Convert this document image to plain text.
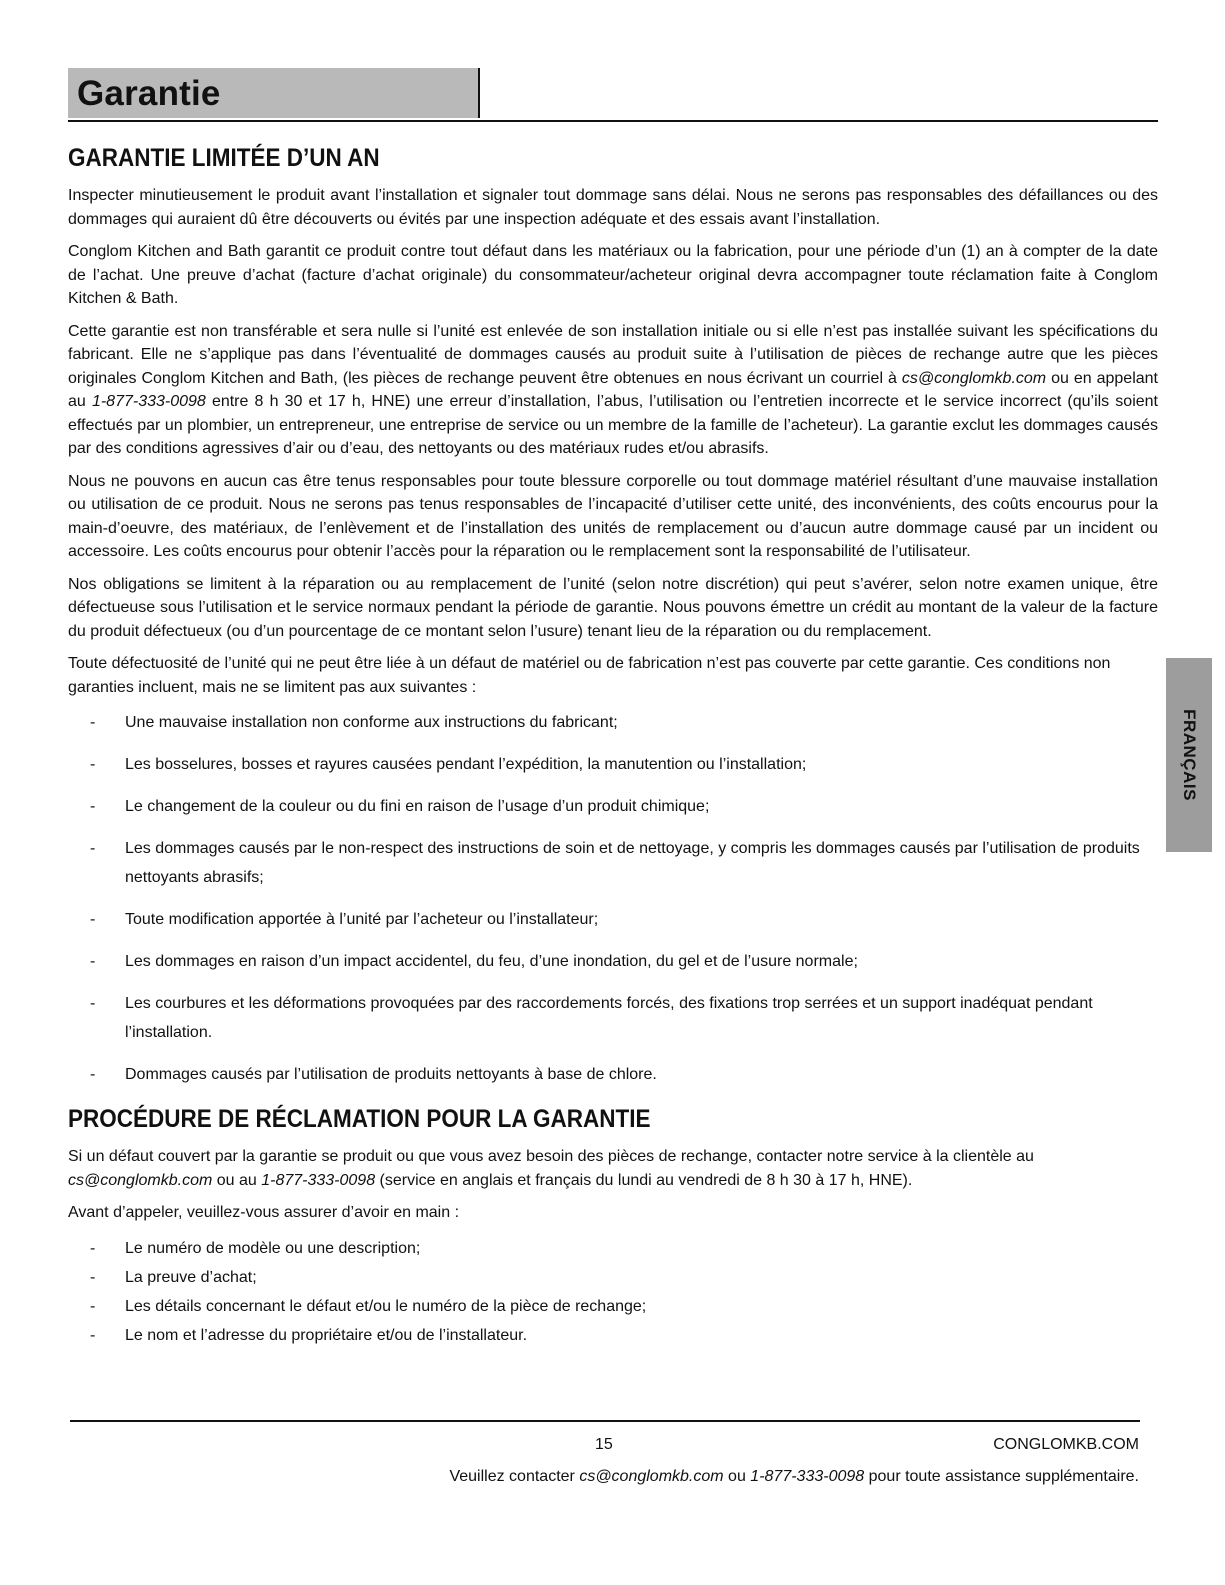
Garantie
GARANTIE LIMITÉE D’UN AN

Inspecter minutieusement le produit avant l’installation et signaler tout dommage sans délai. Nous ne serons pas responsables des défaillances ou des dommages qui auraient dû être découverts ou évités par une inspection adéquate et des essais avant l’installation.

Conglom Kitchen and Bath garantit ce produit contre tout défaut dans les matériaux ou la fabrication, pour une période d’un (1) an à compter de la date de l’achat. Une preuve d’achat (facture d’achat originale) du consommateur/acheteur original devra accompagner toute réclamation faite à Conglom Kitchen & Bath.

Cette garantie est non transférable et sera nulle si l’unité est enlevée de son installation initiale ou si elle n’est pas installée suivant les spécifications du fabricant. Elle ne s’applique pas dans l’éventualité de dommages causés au produit suite à l’utilisation de pièces de rechange autre que les pièces originales Conglom Kitchen and Bath, (les pièces de rechange peuvent être obtenues en nous écrivant un courriel à cs@conglomkb.com ou en appelant au 1-877-333-0098 entre 8 h 30 et 17 h, HNE) une erreur d’installation, l’abus, l’utilisation ou l’entretien incorrecte et le service incorrect (qu’ils soient effectués par un plombier, un entrepreneur, une entreprise de service ou un membre de la famille de l’acheteur). La garantie exclut les dommages causés par des conditions agressives d’air ou d’eau, des nettoyants ou des matériaux rudes et/ou abrasifs.

Nous ne pouvons en aucun cas être tenus responsables pour toute blessure corporelle ou tout dommage matériel résultant d’une mauvaise installation ou utilisation de ce produit. Nous ne serons pas tenus responsables de l’incapacité d’utiliser cette unité, des inconvénients, des coûts encourus pour la main-d’oeuvre, des matériaux, de l’enlèvement et de l’installation des unités de remplacement ou d’aucun autre dommage causé par un incident ou accessoire. Les coûts encourus pour obtenir l’accès pour la réparation ou le remplacement sont la responsabilité de l’utilisateur.

Nos obligations se limitent à la réparation ou au remplacement de l’unité (selon notre discrétion) qui peut s’avérer, selon notre examen unique, être défectueuse sous l’utilisation et le service normaux pendant la période de garantie. Nous pouvons émettre un crédit au montant de la valeur de la facture du produit défectueux (ou d’un pourcentage de ce montant selon l’usure) tenant lieu de la réparation ou du remplacement.

Toute défectuosité de l’unité qui ne peut être liée à un défaut de matériel ou de fabrication n’est pas couverte par cette garantie. Ces conditions non garanties incluent, mais ne se limitent pas aux suivantes :

- Une mauvaise installation non conforme aux instructions du fabricant;
- Les bosselures, bosses et rayures causées pendant l’expédition, la manutention ou l’installation;
- Le changement de la couleur ou du fini en raison de l’usage d’un produit chimique;
- Les dommages causés par le non-respect des instructions de soin et de nettoyage, y compris les dommages causés par l’utilisation de produits nettoyants abrasifs;
- Toute modification apportée à l’unité par l’acheteur ou l’installateur;
- Les dommages en raison d’un impact accidentel, du feu, d’une inondation, du gel et de l’usure normale;
- Les courbures et les déformations provoquées par des raccordements forcés, des fixations trop serrées et un support inadéquat pendant l’installation.
- Dommages causés par l’utilisation de produits nettoyants à base de chlore.
PROCÉDURE DE RÉCLAMATION POUR LA GARANTIE

Si un défaut couvert par la garantie se produit ou que vous avez besoin des pièces de rechange, contacter notre service à la clientèle au cs@conglomkb.com ou au 1-877-333-0098 (service en anglais et français du lundi au vendredi de 8 h 30 à 17 h, HNE).

Avant d’appeler, veuillez-vous assurer d’avoir en main :

- Le numéro de modèle ou une description;
- La preuve d’achat;
- Les détails concernant le défaut et/ou le numéro de la pièce de rechange;
- Le nom et l’adresse du propriétaire et/ou de l’installateur.
FRANÇAIS
15	CONGLOMKB.COM
Veuillez contacter cs@conglomkb.com ou 1-877-333-0098 pour toute assistance supplémentaire.
